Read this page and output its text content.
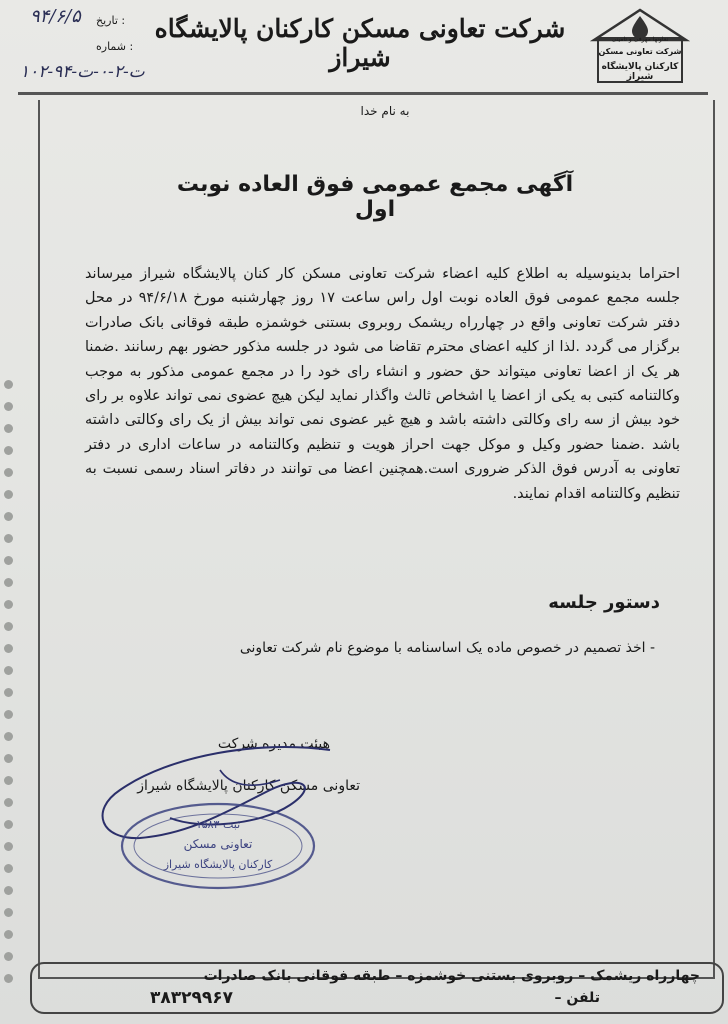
تعاونها مهرفی و تامینی
شرکت تعاونی مسکن
کارکنان پالایشگاه شیراز
شرکت تعاونی مسکن کارکنان پالایشگاه شیراز
تاریخ :
شماره :
۹۴/۶/۵
۱۰۲-۹۴-ت-۲-۰-ت
به نام خدا
آگهی مجمع عمومی فوق العاده نوبت اول
احتراما بدینوسیله به اطلاع کلیه اعضاء شرکت تعاونی مسکن کار کنان پالایشگاه شیراز میرساند جلسه مجمع عمومی فوق العاده نوبت اول راس ساعت ۱۷ روز چهارشنبه مورخ ۹۴/۶/۱۸ در محل دفتر شرکت تعاونی واقع در چهارراه ریشمک روبروی بستنی خوشمزه طبقه فوقانی بانک صادرات برگزار می گردد .لذا از کلیه اعضای محترم تقاضا می شود در جلسه مذکور حضور بهم رسانند .ضمنا هر یک از اعضا تعاونی میتواند حق حضور و انشاء رای خود را در مجمع عمومی مذکور به موجب وکالتنامه کتبی به یکی از اعضا یا اشخاص ثالث واگذار نماید لیکن هیچ عضوی نمی تواند علاوه بر رای خود بیش از سه رای وکالتی داشته باشد و هیچ غیر عضوی نمی تواند بیش از یک رای وکالتی داشته باشد .ضمنا حضور وکیل و موکل جهت احراز هویت و تنظیم وکالتنامه در ساعات اداری در دفتر تعاونی به آدرس فوق الذکر ضروری است.همچنین اعضا می توانند در دفاتر اسناد رسمی نسبت به تنظیم وکالتنامه اقدام نمایند.
دستور جلسه
- اخذ تصمیم در خصوص ماده یک اساسنامه با موضوع نام شرکت تعاونی
هیئت مدیره شرکت
تعاونی مسکن کارکنان پالایشگاه شیراز
ثبت ۱۵۸۳
تعاونی مسکن
کارکنان پالایشگاه شیراز
چهارراه ریشمک – روبروی بستنی خوشمزه – طبقه فوقانی بانک صادرات
۳۸۳۲۹۹۶۷	تلفن –
